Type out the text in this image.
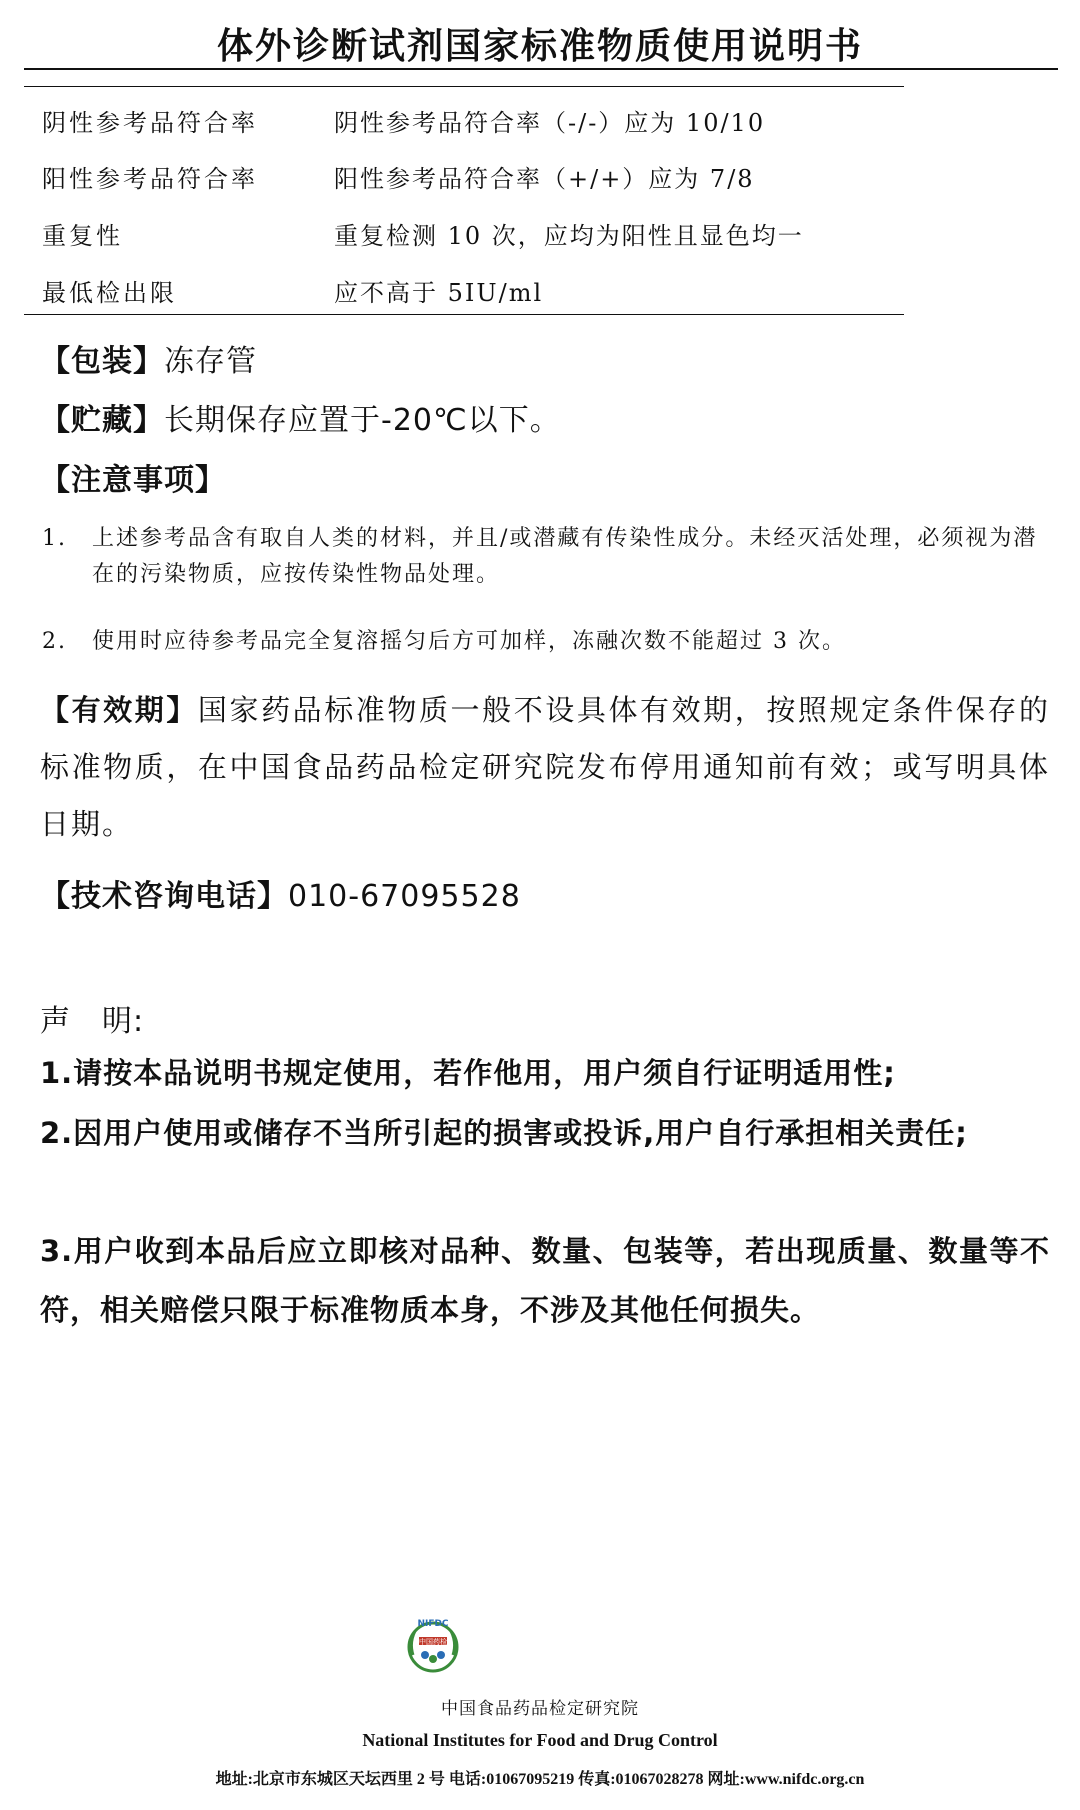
体外诊断试剂国家标准物质使用说明书
阴性参考品符合率	阴性参考品符合率（-/-）应为 10/10
阳性参考品符合率	阳性参考品符合率（+/+）应为 7/8
重复性	重复检测 10 次，应均为阳性且显色均一
最低检出限	应不高于 5IU/ml
【包装】冻存管
【贮藏】长期保存应置于-20℃以下。
【注意事项】
1. 上述参考品含有取自人类的材料，并且/或潜藏有传染性成分。未经灭活处理，必须视为潜在的污染物质，应按传染性物品处理。
2. 使用时应待参考品完全复溶摇匀后方可加样，冻融次数不能超过 3 次。
【有效期】国家药品标准物质一般不设具体有效期，按照规定条件保存的标准物质，在中国食品药品检定研究院发布停用通知前有效；或写明具体日期。
【技术咨询电话】010-67095528
声　明:
1.请按本品说明书规定使用，若作他用，用户须自行证明适用性;
2.因用户使用或储存不当所引起的损害或投诉,用户自行承担相关责任;
3.用户收到本品后应立即核对品种、数量、包装等，若出现质量、数量等不符，相关赔偿只限于标准物质本身，不涉及其他任何损失。
NIFDC
中国药检
中国食品药品检定研究院
National Institutes for Food and Drug Control
地址:北京市东城区天坛西里 2 号 电话:01067095219 传真:01067028278 网址:www.nifdc.org.cn
